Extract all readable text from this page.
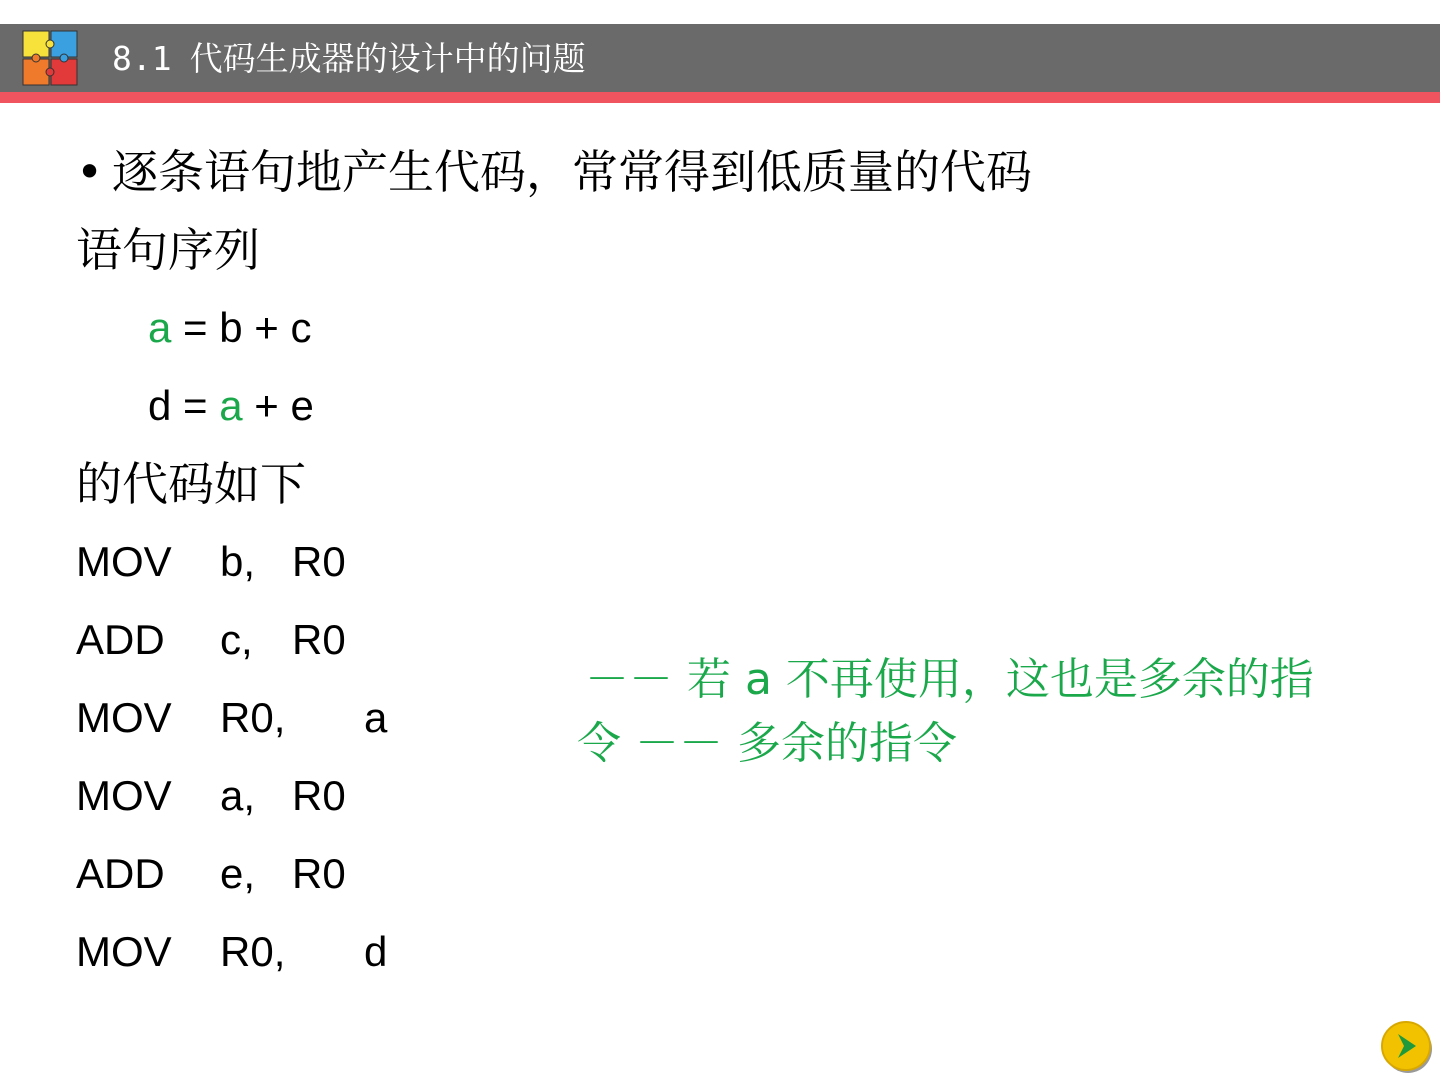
8.1 代码生成器的设计中的问题
• 逐条语句地产生代码，常常得到低质量的代码
语句序列
a = b + c
d = a + e
的代码如下
MOV b, R0
ADD c, R0
MOV R0, a
MOV a, R0
ADD e, R0
MOV R0, d
－－ 若 a 不再使用，这也是多余的指
令 －－ 多余的指令
